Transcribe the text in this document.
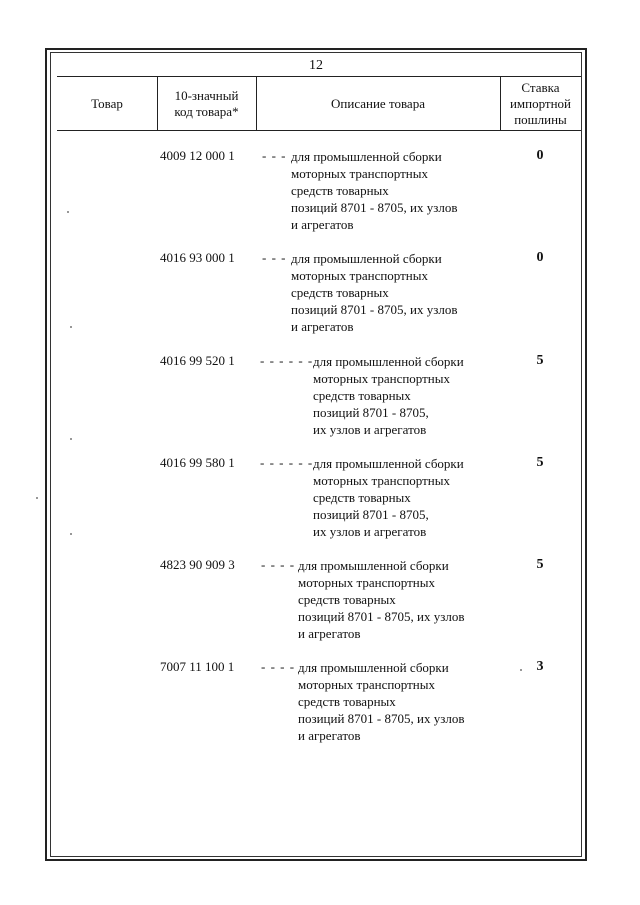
12
Товар
10-значный
код товара*
Описание товара
Ставка
импортной
пошлины
4009 12 000 1 - - - для промышленной сборки
моторных транспортных
средств товарных
позиций 8701 - 8705, их узлов
и агрегатов
0
4016 93 000 1 - - - для промышленной сборки
моторных транспортных
средств товарных
позиций 8701 - 8705, их узлов
и агрегатов
0
4016 99 520 1 - - - - - - для промышленной сборки
моторных транспортных
средств товарных
позиций 8701 - 8705,
их узлов и агрегатов
5
4016 99 580 1 - - - - - - для промышленной сборки
моторных транспортных
средств товарных
позиций 8701 - 8705,
их узлов и агрегатов
5
4823 90 909 3 - - - - для промышленной сборки
моторных транспортных
средств товарных
позиций 8701 - 8705, их узлов
и агрегатов
5
7007 11 100 1 - - - - для промышленной сборки
моторных транспортных
средств товарных
позиций 8701 - 8705, их узлов
и агрегатов
3
